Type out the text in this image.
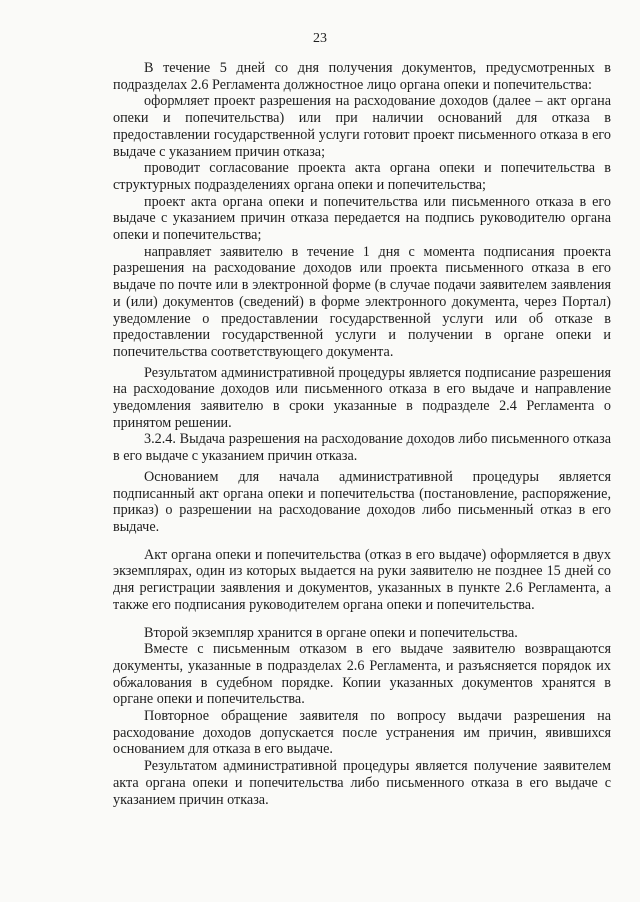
23

В течение 5 дней со дня получения документов, предусмотренных в подразделах 2.6 Регламента должностное лицо органа опеки и попечительства:

оформляет проект разрешения на расходование доходов (далее – акт органа опеки и попечительства) или при наличии оснований для отказа в предоставлении государственной услуги готовит проект письменного отказа в его выдаче с указанием причин отказа;

проводит согласование проекта акта органа опеки и попечительства в структурных подразделениях органа опеки и попечительства;

проект акта органа опеки и попечительства или письменного отказа в его выдаче с указанием причин отказа передается на подпись руководителю органа опеки и попечительства;

направляет заявителю в течение 1 дня с момента подписания проекта разрешения на расходование доходов или проекта письменного отказа в его выдаче по почте или в электронной форме (в случае подачи заявителем заявления и (или) документов (сведений) в форме электронного документа, через Портал) уведомление о предоставлении государственной услуги или об отказе в предоставлении государственной услуги и получении в органе опеки и попечительства соответствующего документа.

Результатом административной процедуры является подписание разрешения на расходование доходов или письменного отказа в его выдаче и направление уведомления заявителю в сроки указанные в подразделе 2.4 Регламента о принятом решении.

3.2.4. Выдача разрешения на расходование доходов либо письменного отказа в его выдаче с указанием причин отказа.

Основанием для начала административной процедуры является подписанный акт органа опеки и попечительства (постановление, распоряжение, приказ) о разрешении на расходование доходов либо письменный отказ в его выдаче.

Акт органа опеки и попечительства (отказ в его выдаче) оформляется в двух экземплярах, один из которых выдается на руки заявителю не позднее 15 дней со дня регистрации заявления и документов, указанных в пункте 2.6 Регламента, а также его подписания руководителем органа опеки и попечительства.

Второй экземпляр хранится в органе опеки и попечительства.

Вместе с письменным отказом в его выдаче заявителю возвращаются документы, указанные в подразделах 2.6 Регламента, и разъясняется порядок их обжалования в судебном порядке. Копии указанных документов хранятся в органе опеки и попечительства.

Повторное обращение заявителя по вопросу выдачи разрешения на расходование доходов допускается после устранения им причин, явившихся основанием для отказа в его выдаче.

Результатом административной процедуры является получение заявителем акта органа опеки и попечительства либо письменного отказа в его выдаче с указанием причин отказа.
